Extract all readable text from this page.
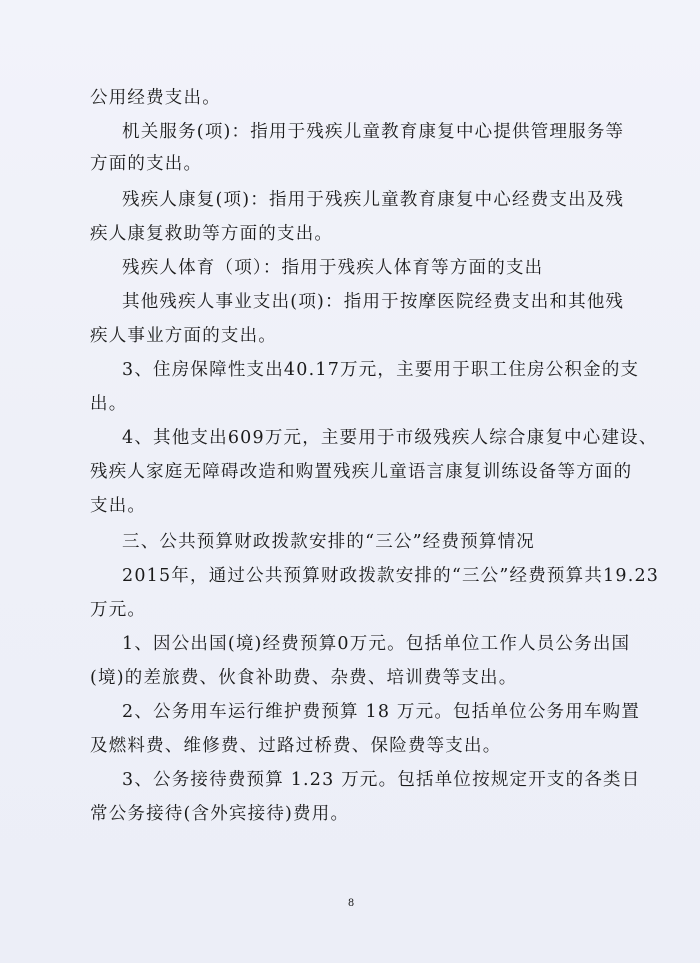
公用经费支出。
机关服务(项)：指用于残疾儿童教育康复中心提供管理服务等
方面的支出。
残疾人康复(项)：指用于残疾儿童教育康复中心经费支出及残
疾人康复救助等方面的支出。
残疾人体育（项）：指用于残疾人体育等方面的支出
其他残疾人事业支出(项)：指用于按摩医院经费支出和其他残
疾人事业方面的支出。
3、住房保障性支出40.17万元，主要用于职工住房公积金的支
出。
4、其他支出609万元，主要用于市级残疾人综合康复中心建设、
残疾人家庭无障碍改造和购置残疾儿童语言康复训练设备等方面的
支出。
三、公共预算财政拨款安排的“三公”经费预算情况
2015年，通过公共预算财政拨款安排的“三公”经费预算共19.23
万元。
1、因公出国(境)经费预算0万元。包括单位工作人员公务出国
(境)的差旅费、伙食补助费、杂费、培训费等支出。
2、公务用车运行维护费预算 18 万元。包括单位公务用车购置
及燃料费、维修费、过路过桥费、保险费等支出。
3、公务接待费预算 1.23 万元。包括单位按规定开支的各类日
常公务接待(含外宾接待)费用。
8
